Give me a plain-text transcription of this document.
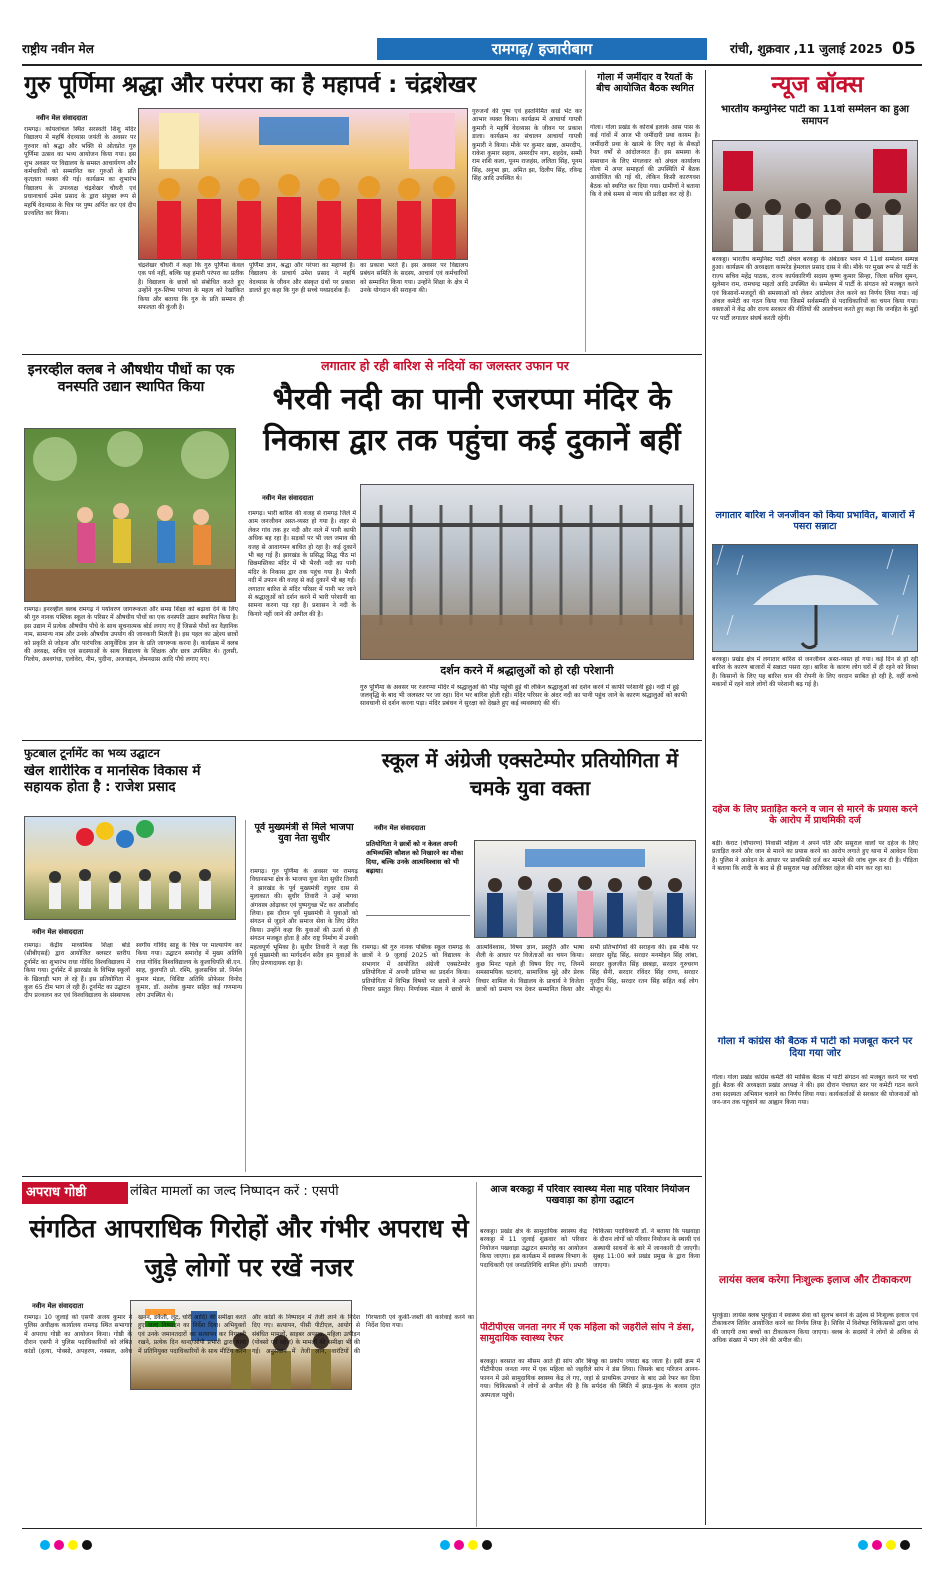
राष्ट्रीय नवीन मेल	रामगढ़/ हजारीबाग	रांची, शुक्रवार ,11 जुलाई 2025 05
गुरु पूर्णिमा श्रद्धा और परंपरा का है महापर्व : चंद्रशेखर
नवीन मेल संवाददाता
रामगढ़। कोयलांचल स्थित सरस्वती शिशु मंदिर विद्यालय में महर्षि वेदव्यास जयंती के अवसर पर गुरुवार को श्रद्धा और भक्ति से ओतप्रोत गुरु पूर्णिमा उत्सव का भव्य आयोजन किया गया। इस शुभ अवसर पर विद्यालय के समस्त आचार्यगण और कर्मचारियों को सम्मानित कर गुरुओं के प्रति कृतज्ञता व्यक्त की गई। कार्यक्रम का शुभारंभ विद्यालय के उपाध्यक्ष चंद्रशेखर चौधरी एवं प्रधानाचार्य उमेश प्रसाद के द्वारा संयुक्त रूप से महर्षि वेदव्यास के चित्र पर पुष्प अर्पित कर एवं दीप प्रज्वलित कर किया।
चंद्रशेखर चौधरी ने कहा कि गुरु पूर्णिमा केवल एक पर्व नहीं, बल्कि यह हमारी परंपरा का प्रतीक है। विद्यालय के छात्रों को संबोधित करते हुए उन्होंने गुरु-शिष्य परंपरा के महत्व को रेखांकित किया और बताया कि गुरु के प्रति सम्मान ही सफलता की कुंजी है।
पूर्णिमा ज्ञान, श्रद्धा और परंपरा का महापर्व है। विद्यालय के प्राचार्य उमेश प्रसाद ने महर्षि वेदव्यास के जीवन और संस्कृत ग्रंथों पर प्रकाश डालते हुए कहा कि गुरु ही सच्चे पथप्रदर्शक हैं।
का प्रकाश भरते हैं। इस अवसर पर विद्यालय प्रबंधन समिति के सदस्य, आचार्य एवं कर्मचारियों को सम्मानित किया गया। उन्होंने शिक्षा के क्षेत्र में उनके योगदान की सराहना की।
गुरुजनों की पुष्प एवं हस्तनिर्मित कार्ड भेंट कर आभार व्यक्त किया। कार्यक्रम में आचार्या गायत्री कुमारी ने महर्षि वेदव्यास के जीवन पर प्रकाश डाला। कार्यक्रम का संचालन आचार्या गायत्री कुमारी ने किया। मौके पर कुमार खन्ना, अमरदीप, राकेश कुमार सहाय, अमरदीप नाग, शहदेव, सम्मी राम शशि कला, पूनम राजहंस, ललिता सिंह, पूनम सिंह, अनुभा झा, अमित झा, दिलीप सिंह, रविन्द्र सिंह आदि उपस्थित थे।
गोला में जमींदार व रैयतों के बीच आयोजित बैठक स्थगित
गोला। गोला प्रखंड के कोराबे इलाके आस पास के कई गांवों में आज भी जमींदारी प्रथा कायम है। जमींदारी प्रथा के खात्मे के लिए यहां के सैकड़ों रैयत वर्षों से आंदोलनरत हैं। इस समस्या के समाधान के लिए मंगलवार को अंचल कार्यालय गोला में अपर समाहर्ता की उपस्थिति में बैठक आयोजित की गई थी, लेकिन किसी कारणवश बैठक को स्थगित कर दिया गया। ग्रामीणों ने बताया कि वे लंबे समय से न्याय की प्रतीक्षा कर रहे हैं।
न्यूज बॉक्स
भारतीय कम्युनिस्ट पार्टी का 11वां सम्मेलन का हुआ समापन
बरकट्ठा। भारतीय कम्युनिस्ट पार्टी अंचल बरकट्ठा के अंबेडकर भवन में 11वां सम्मेलन सम्पन्न हुआ। कार्यक्रम की अध्यक्षता कामरेड हेमलाल प्रसाद दास ने की। मौके पर मुख्य रूप से पार्टी के राज्य सचिव महेंद्र पाठक, राज्य कार्यकारिणी सदस्य कृष्ण कुमार सिन्हा, जिला सचिव सुमन, सुलेमान राम, रामचन्द्र महतो आदि उपस्थित थे। सम्मेलन में पार्टी के संगठन को मजबूत करने एवं किसानों-मजदूरों की समस्याओं को लेकर आंदोलन तेज करने का निर्णय लिया गया। नई अंचल कमेटी का गठन किया गया जिसमें सर्वसम्मति से पदाधिकारियों का चयन किया गया। वक्ताओं ने केंद्र और राज्य सरकार की नीतियों की आलोचना करते हुए कहा कि जनहित के मुद्दों पर पार्टी लगातार संघर्ष करती रहेगी।
लगातार बारिश ने जनजीवन को किया प्रभावित, बाजारों में पसरा सन्नाटा
बरकट्ठा। प्रखंड क्षेत्र में लगातार बारिश से जनजीवन अस्त-व्यस्त हो गया। कई दिन से हो रही बारिश के कारण बाजारों में सन्नाटा पसरा रहा। बारिश के कारण लोग घरों में ही रहने को विवश हैं। किसानों के लिए यह बारिश धान की रोपनी के लिए वरदान साबित हो रही है, वहीं कच्चे मकानों में रहने वाले लोगों की परेशानी बढ़ गई है।
दहेज के लिए प्रताड़ित करने व जान से मारने के प्रयास करने के आरोप में प्राथमिकी दर्ज
बड़ी। केराट (चौपारण) निवासी महिला ने अपने पति और ससुराल वालों पर दहेज के लिए प्रताड़ित करने और जान से मारने का प्रयास करने का आरोप लगाते हुए थाना में आवेदन दिया है। पुलिस ने आवेदन के आधार पर प्राथमिकी दर्ज कर मामले की जांच शुरू कर दी है। पीड़िता ने बताया कि शादी के बाद से ही ससुराल पक्ष अतिरिक्त दहेज की मांग कर रहा था।
गोला में कांग्रेस की बैठक में पार्टी को मजबूत करने पर दिया गया जोर
गोला। गोला प्रखंड कांग्रेस कमेटी की मासिक बैठक में पार्टी संगठन को मजबूत करने पर चर्चा हुई। बैठक की अध्यक्षता प्रखंड अध्यक्ष ने की। इस दौरान पंचायत स्तर पर कमेटी गठन करने तथा सदस्यता अभियान चलाने का निर्णय लिया गया। कार्यकर्ताओं से सरकार की योजनाओं को जन-जन तक पहुंचाने का आह्वान किया गया।
लायंस क्लब करेगा निःशुल्क इलाज और टीकाकरण
भुरकुंडा। लायंस क्लब भुरकुंडा ने स्वास्थ्य सेवा को सुलभ बनाने के उद्देश्य से निःशुल्क इलाज एवं टीकाकरण शिविर आयोजित करने का निर्णय लिया है। शिविर में विशेषज्ञ चिकित्सकों द्वारा जांच की जाएगी तथा बच्चों का टीकाकरण किया जाएगा। क्लब के सदस्यों ने लोगों से अधिक से अधिक संख्या में भाग लेने की अपील की।
इनरव्हील क्लब ने औषधीय पौधों का एक वनस्पति उद्यान स्थापित किया
रामगढ़। इनरव्हील क्लब रामगढ़ ने पर्यावरण जागरूकता और समग्र शिक्षा को बढ़ावा देने के लिए श्री गुरु नानक पब्लिक स्कूल के परिसर में औषधीय पौधों का एक वनस्पति उद्यान स्थापित किया है। इस उद्यान में प्रत्येक औषधीय पौधे के साथ सूचनात्मक बोर्ड लगाए गए हैं जिससे पौधों का वैज्ञानिक नाम, सामान्य नाम और उनके औषधीय उपयोग की जानकारी मिलती है। इस पहल का उद्देश्य छात्रों को प्रकृति से जोड़ना और पारंपरिक आयुर्वेदिक ज्ञान के प्रति जागरूक करना है। कार्यक्रम में क्लब की अध्यक्ष, सचिव एवं सदस्याओं के साथ विद्यालय के शिक्षक और छात्र उपस्थित थे। तुलसी, गिलोय, अश्वगंधा, एलोवेरा, नीम, पुदीना, अजवाइन, लेमनग्रास आदि पौधे लगाए गए।
लगातार हो रही बारिश से नदियों का जलस्तर उफान पर
भैरवी नदी का पानी रजरप्पा मंदिर के निकास द्वार तक पहुंचा कई दुकानें बहीं
नवीन मेल संवाददाता
रामगढ़। भारी बारिश की वजह से रामगढ़ जिले में आम जनजीवन अस्त-व्यस्त हो गया है। शहर से लेकर गांव तक हर नदी और नाले में पानी काफी अधिक बह रहा है। सड़कों पर भी जल जमाव की वजह से आवागमन बाधित हो रहा है। कई दुकानें भी बह गई हैं। झारखंड के प्रसिद्ध सिद्ध पीठ मां छिन्नमस्तिका मंदिर में भी भैरवी नदी का पानी मंदिर के निकास द्वार तक पहुंच गया है। भैरवी नदी में उफान की वजह से कई दुकानें भी बह गईं। लगातार बारिश से मंदिर परिसर में पानी भर जाने से श्रद्धालुओं को दर्शन करने में भारी परेशानी का सामना करना पड़ रहा है। प्रशासन ने नदी के किनारे नहीं जाने की अपील की है।
दर्शन करने में श्रद्धालुओं को हो रही परेशानी
गुरु पूर्णिमा के अवसर पर रजरप्पा मंदिर में श्रद्धालुओं की भीड़ पहुंची हुई थी लेकिन श्रद्धालुओं को दर्शन करने में काफी परेशानी हुई। नदी में हुई जलवृद्धि के बाद भी जलस्तर पर जा रहा। दिन भर बारिश होती रही। मंदिर परिसर के अंदर नदी का पानी पहुंच जाने के कारण श्रद्धालुओं को काफी सावधानी से दर्शन करना पड़ा। मंदिर प्रबंधन ने सुरक्षा को देखते हुए कई व्यवस्थाएं की थीं।
फुटबाल टूर्नामेंट का भव्य उद्घाटन
खेल शारीरिक व मानसिक विकास में सहायक होता है : राजेश प्रसाद
नवीन मेल संवाददाता
रामगढ़। केंद्रीय माध्यमिक शिक्षा बोर्ड (सीबीएसई) द्वारा आयोजित क्लस्टर स्तरीय टूर्नामेंट का शुभारंभ राधा गोविंद विश्वविद्यालय में किया गया। टूर्नामेंट में झारखंड के विभिन्न स्कूलों के खिलाड़ी भाग ले रहे हैं। इस प्रतियोगिता में कुल 65 टीम भाग ले रही हैं। टूर्नामेंट का उद्घाटन दीप प्रज्वलन कर एवं विश्वविद्यालय के संस्थापक स्वर्गीय गोविंद साहू के चित्र पर माल्यार्पण कर किया गया। उद्घाटन समारोह में मुख्य अतिथि राधा गोविंद विश्वविद्यालय के कुलाधिपति बी.एन. साह, कुलपति प्रो. रश्मि, कुलसचिव प्रो. निर्मल कुमार मंडल, विशिष्ट अतिथि प्रोफेसर विनोद कुमार, डॉ. अशोक कुमार सहित कई गणमान्य लोग उपस्थित थे।
पूर्व मुख्यमंत्री से मिले भाजपा युवा नेता सुधीर
रामगढ़। गुरु पूर्णिमा के अवसर पर रामगढ़ विधानसभा क्षेत्र के भाजपा युवा नेता सुधीर तिवारी ने झारखंड के पूर्व मुख्यमंत्री रघुवर दास से मुलाकात की। सुधीर तिवारी ने उन्हें भगवा अंगवस्त्र ओढ़ाकर एवं पुष्पगुच्छ भेंट कर आशीर्वाद लिया। इस दौरान पूर्व मुख्यमंत्री ने युवाओं को संगठन से जुड़ने और समाज सेवा के लिए प्रेरित किया। उन्होंने कहा कि युवाओं की ऊर्जा से ही संगठन मजबूत होता है और राष्ट्र निर्माण में उनकी महत्वपूर्ण भूमिका है। सुधीर तिवारी ने कहा कि पूर्व मुख्यमंत्री का मार्गदर्शन सदैव हम युवाओं के लिए प्रेरणादायक रहा है।
स्कूल में अंग्रेजी एक्सटेम्पोर प्रतियोगिता में चमके युवा वक्ता
नवीन मेल संवाददाता
प्रतियोगिता ने छात्रों को न केवल अपनी अभिव्यक्ति कौशल को निखारने का मौका दिया, बल्कि उनके आत्मविश्वास को भी बढ़ाया।
रामगढ़। श्री गुरु नानक पब्लिक स्कूल रामगढ़ के छात्रों ने 9 जुलाई 2025 को विद्यालय के सभागार में आयोजित अंग्रेजी एक्सटेम्पोर प्रतियोगिता में अपनी प्रतिभा का प्रदर्शन किया। प्रतियोगिता में विभिन्न विषयों पर छात्रों ने अपने विचार प्रस्तुत किए। निर्णायक मंडल ने छात्रों के आत्मविश्वास, विषय ज्ञान, प्रस्तुति और भाषा शैली के आधार पर विजेताओं का चयन किया। कुछ मिनट पहले ही विषय दिए गए, जिनमें समसामयिक घटनाएं, सामाजिक मुद्दे और प्रेरक विचार शामिल थे। विद्यालय के प्राचार्य ने विजेता छात्रों को प्रमाण पत्र देकर सम्मानित किया और सभी प्रतिभागियों की सराहना की। इस मौके पर सरदार सुरेंद्र सिंह, सरदार मनमोहन सिंह लांबा, सरदार कुलजीत सिंह छाबड़ा, सरदार गुरुचरण सिंह सैनी, सरदार रविंदर सिंह राणा, सरदार गुरदीप सिंह, सरदार रतन सिंह सहित कई लोग मौजूद थे।
अपराध गोष्ठी	लंबित मामलों का जल्द निष्पादन करें : एसपी
संगठित आपराधिक गिरोहों और गंभीर अपराध से जुड़े लोगों पर रखें नजर
नवीन मेल संवाददाता
रामगढ़। 10 जुलाई को एसपी अजय कुमार ने पुलिस अधीक्षक कार्यालय रामगढ़ स्थित सभागार में अपराध गोष्ठी का आयोजन किया। गोष्ठी के दौरान एसपी ने पुलिस पदाधिकारियों को लंबित कांडों (हत्या, पोक्सो, अपहरण, नक्सल, अवैध खनन, डकैती, लूट, चोरी आदि) की समीक्षा करते हुए जल्द निष्पादन का निर्देश दिया। अभियुक्तों एवं उनके जमानतदारों का सत्यापन कर निगरानी रखने, प्रत्येक दिन थाना/ओपी प्रभारी द्वारा थाना में प्रतिनियुक्त पदाधिकारियों के साथ मीटिंग करने और कांडों के निष्पादन में तेजी लाने के निर्देश दिए गए। सत्यापन, पीसी पीटीएल, आयोग से संबंधित मामलों, साइबर अपराध, महिला उत्पीड़न (पोक्सो एवं दहेज) के मामलों की समीक्षा भी की गई। अनुसंधान में तेजी लाने, वारंटियों की गिरफ्तारी एवं कुर्की-जब्ती की कार्रवाई करने का निर्देश दिया गया।
आज बरकट्ठा में परिवार स्वास्थ्य मेला माह परिवार नियोजन पखवाड़ा का होगा उद्घाटन
बरकट्ठा। प्रखंड क्षेत्र के सामुदायिक स्वास्थ्य केंद्र बरकट्ठा में 11 जुलाई शुक्रवार को परिवार नियोजन पखवाड़ा उद्घाटन समारोह का आयोजन किया जाएगा। इस कार्यक्रम में स्वास्थ्य विभाग के पदाधिकारी एवं जनप्रतिनिधि शामिल होंगे। प्रभारी चिकित्सा पदाधिकारी डॉ. ने बताया कि पखवाड़ा के दौरान लोगों को परिवार नियोजन के स्थायी एवं अस्थायी साधनों के बारे में जानकारी दी जाएगी। सुबह 11:00 बजे प्रखंड प्रमुख के द्वारा किया जाएगा।
पीटीपीएस जनता नगर में एक महिला को जहरीले सांप ने डंसा, सामुदायिक स्वास्थ्य रेफर
बरकट्ठा। बरसात का मौसम आते ही सांप और बिच्छू का प्रकोप ज्यादा बढ़ जाता है। इसी क्रम में पीटीपीएस जनता नगर में एक महिला को जहरीले सांप ने डंस लिया। जिसके बाद परिजन आनन-फानन में उसे सामुदायिक स्वास्थ्य केंद्र ले गए, जहां से प्राथमिक उपचार के बाद उसे रेफर कर दिया गया। चिकित्सकों ने लोगों से अपील की है कि सर्पदंश की स्थिति में झाड़-फूंक के बजाय तुरंत अस्पताल पहुंचें।
